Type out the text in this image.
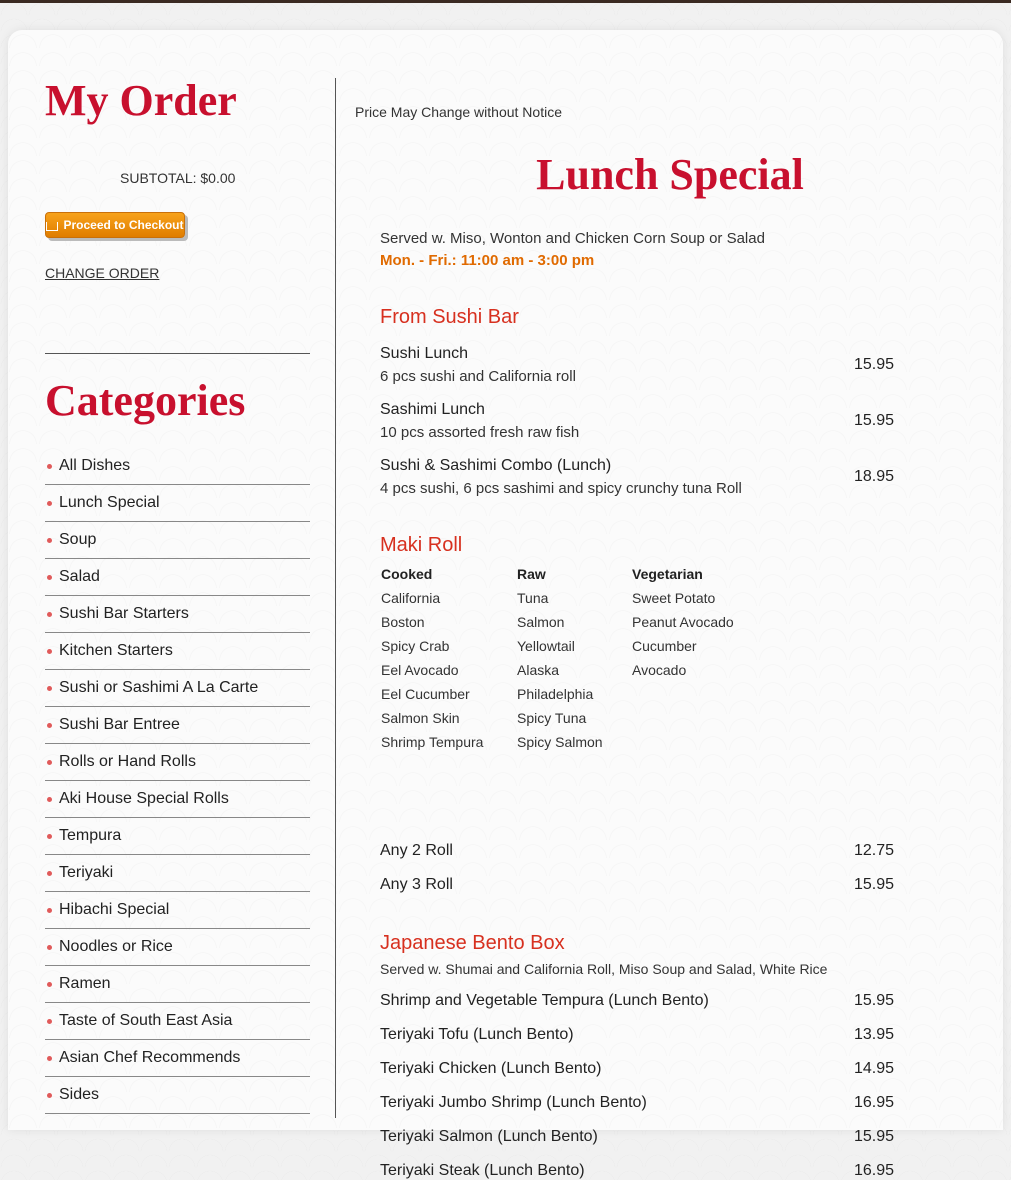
My Order
SUBTOTAL: $0.00
Proceed to Checkout
CHANGE ORDER
Categories
All Dishes
Lunch Special
Soup
Salad
Sushi Bar Starters
Kitchen Starters
Sushi or Sashimi A La Carte
Sushi Bar Entree
Rolls or Hand Rolls
Aki House Special Rolls
Tempura
Teriyaki
Hibachi Special
Noodles or Rice
Ramen
Taste of South East Asia
Asian Chef Recommends
Sides
Price May Change without Notice
Lunch Special
Served w. Miso, Wonton and Chicken Corn Soup or Salad
Mon. - Fri.: 11:00 am - 3:00 pm
From Sushi Bar
Sushi Lunch
6 pcs sushi and California roll
15.95
Sashimi Lunch
10 pcs assorted fresh raw fish
15.95
Sushi & Sashimi Combo (Lunch)
4 pcs sushi, 6 pcs sashimi and spicy crunchy tuna Roll
18.95
Maki Roll
Cooked	Raw	Vegetarian
California	Tuna	Sweet Potato
Boston	Salmon	Peanut Avocado
Spicy Crab	Yellowtail	Cucumber
Eel Avocado	Alaska	Avocado
Eel Cucumber	Philadelphia	
Salmon Skin	Spicy Tuna	
Shrimp Tempura	Spicy Salmon	
Any 2 Roll	12.75
Any 3 Roll	15.95
Japanese Bento Box
Served w. Shumai and California Roll, Miso Soup and Salad, White Rice
Shrimp and Vegetable Tempura (Lunch Bento)	15.95
Teriyaki Tofu (Lunch Bento)	13.95
Teriyaki Chicken (Lunch Bento)	14.95
Teriyaki Jumbo Shrimp (Lunch Bento)	16.95
Teriyaki Salmon (Lunch Bento)	15.95
Teriyaki Steak (Lunch Bento)	16.95
